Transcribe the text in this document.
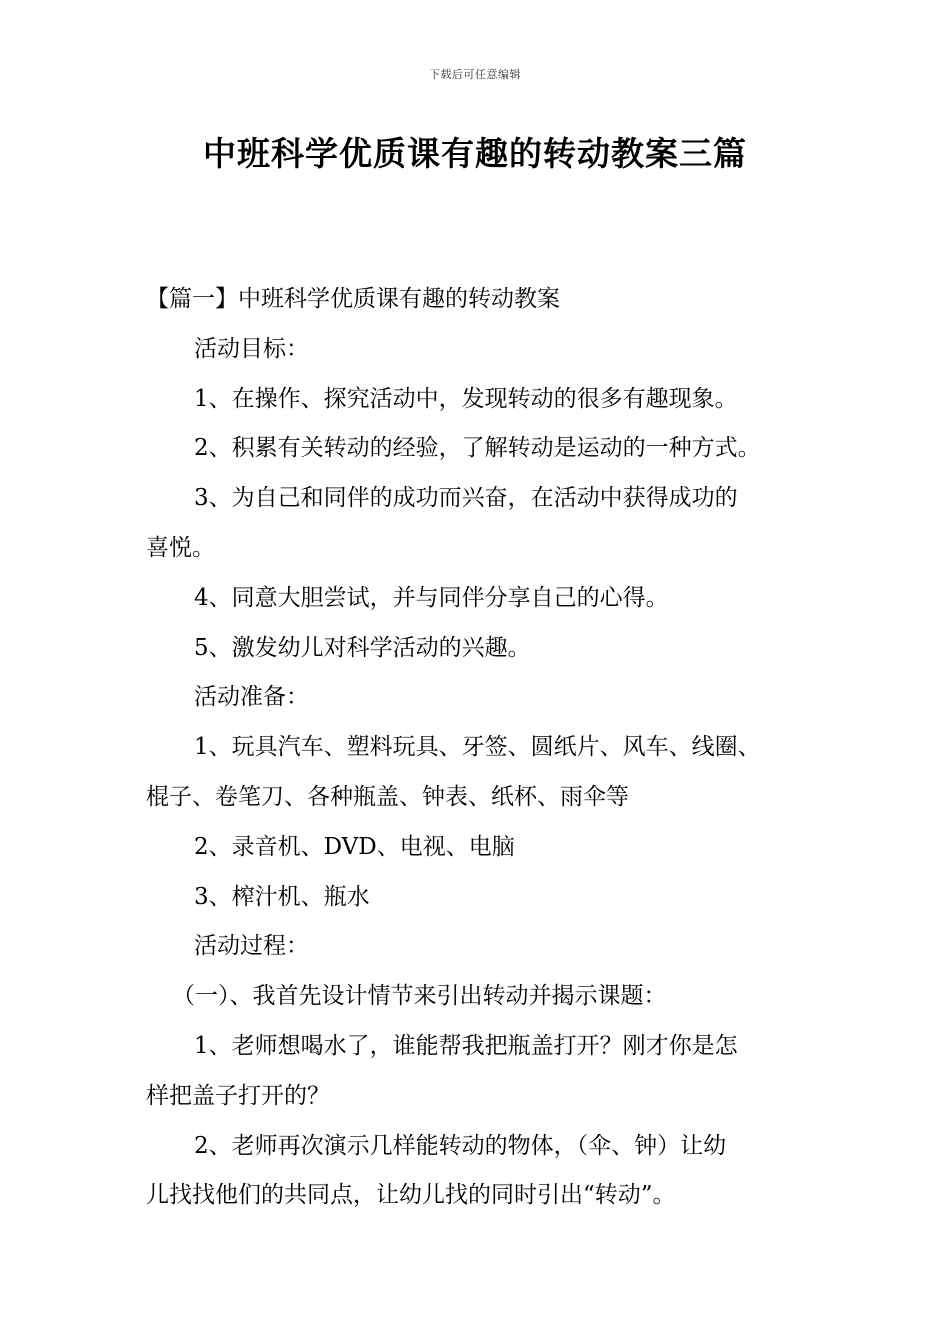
下载后可任意编辑
中班科学优质课有趣的转动教案三篇

【篇一】中班科学优质课有趣的转动教案

活动目标：

1、在操作、探究活动中，发现转动的很多有趣现象。

2、积累有关转动的经验，了解转动是运动的一种方式。

3、为自己和同伴的成功而兴奋，在活动中获得成功的

喜悦。

4、同意大胆尝试，并与同伴分享自己的心得。

5、激发幼儿对科学活动的兴趣。

活动准备：

1、玩具汽车、塑料玩具、牙签、圆纸片、风车、线圈、

棍子、卷笔刀、各种瓶盖、钟表、纸杯、雨伞等

2、录音机、DVD、电视、电脑

3、榨汁机、瓶水

活动过程：

（一）、我首先设计情节来引出转动并揭示课题：

1、老师想喝水了，谁能帮我把瓶盖打开？刚才你是怎

样把盖子打开的？

2、老师再次演示几样能转动的物体，（伞、钟）让幼

儿找找他们的共同点，让幼儿找的同时引出“转动”。
